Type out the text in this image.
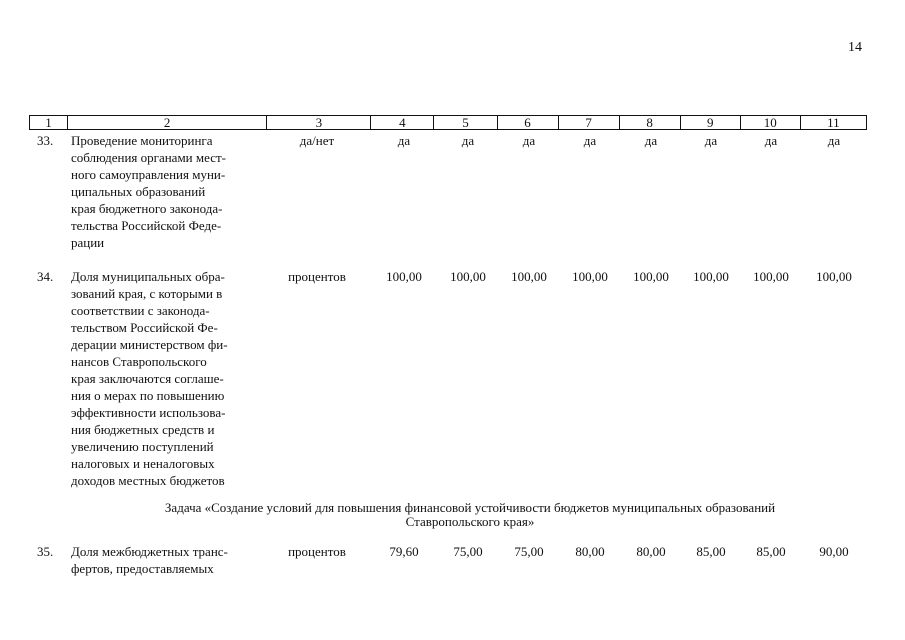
14
1	2	3	4	5	6	7	8	9	10	11
33. Проведение мониторинга
соблюдения органами мест-
ного самоуправления муни-
ципальных образований
края бюджетного законода-
тельства Российской Феде-
рации
да/нет	да	да	да	да	да	да	да	да
34. Доля муниципальных обра-
зований края, с которыми в
соответствии с законода-
тельством Российской Фе-
дерации министерством фи-
нансов Ставропольского
края заключаются соглаше-
ния о мерах по повышению
эффективности использова-
ния бюджетных средств и
увеличению поступлений
налоговых и неналоговых
доходов местных бюджетов
процентов	100,00	100,00	100,00	100,00	100,00	100,00	100,00	100,00
Задача «Создание условий для повышения финансовой устойчивости бюджетов муниципальных образований
Ставропольского края»
35. Доля межбюджетных транс-
фертов, предоставляемых
процентов	79,60	75,00	75,00	80,00	80,00	85,00	85,00	90,00
